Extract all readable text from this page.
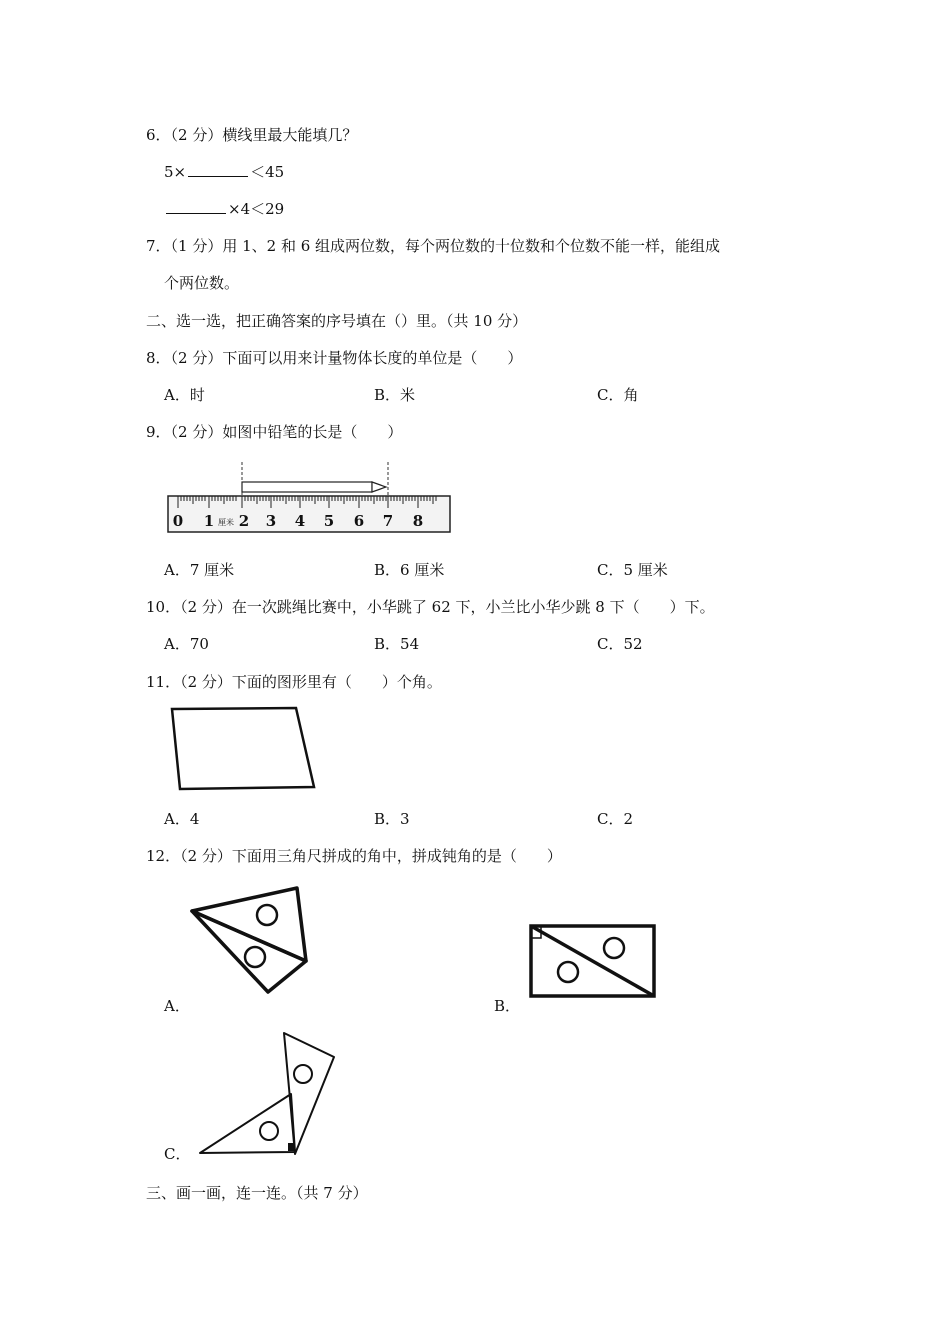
6．（2 分）横线里最大能填几？
5×	＜45
×4＜29
7．（1 分）用 1、2 和 6 组成两位数，每个两位数的十位数和个位数不能一样，能组成
个两位数。
二、选一选，把正确答案的序号填在（）里。（共 10 分）
8．（2 分）下面可以用来计量物体长度的单位是（　　）
A．时	B．米	C．角
9．（2 分）如图中铅笔的长是（　　）
0 1 厘米 2 3 4 5 6 7 8
A．7 厘米	B．6 厘米	C．5 厘米
10．（2 分）在一次跳绳比赛中，小华跳了 62 下，小兰比小华少跳 8 下（　　）下。
A．70	B．54	C．52
11．（2 分）下面的图形里有（　　）个角。
A．4	B．3	C．2
12．（2 分）下面用三角尺拼成的角中，拼成钝角的是（　　）
A．	B．
C．
三、画一画，连一连。（共 7 分）
